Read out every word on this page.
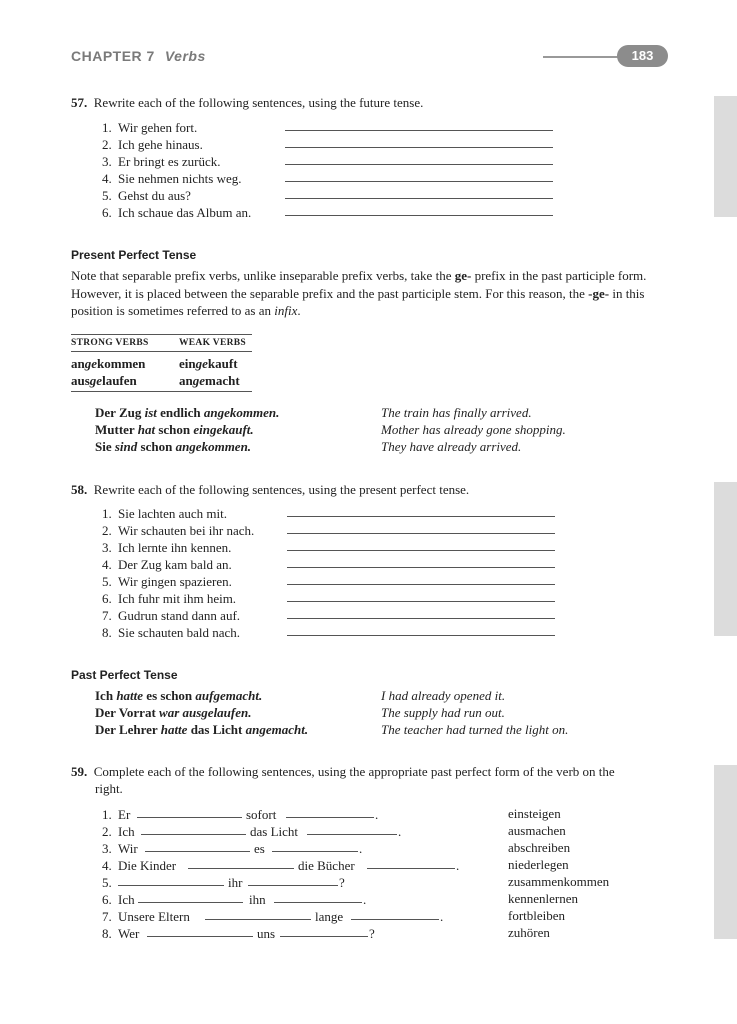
CHAPTER 7 Verbs	183
57. Rewrite each of the following sentences, using the future tense.
1. Wir gehen fort.
2. Ich gehe hinaus.
3. Er bringt es zurück.
4. Sie nehmen nichts weg.
5. Gehst du aus?
6. Ich schaue das Album an.
Present Perfect Tense
Note that separable prefix verbs, unlike inseparable prefix verbs, take the ge- prefix in the past participle form. However, it is placed between the separable prefix and the past participle stem. For this reason, the -ge- in this position is sometimes referred to as an infix.
STRONG VERBS	WEAK VERBS
angekommen	eingekauft
ausgelaufen	angemacht
Der Zug ist endlich angekommen.	The train has finally arrived.
Mutter hat schon eingekauft.	Mother has already gone shopping.
Sie sind schon angekommen.	They have already arrived.
58. Rewrite each of the following sentences, using the present perfect tense.
1. Sie lachten auch mit.
2. Wir schauten bei ihr nach.
3. Ich lernte ihn kennen.
4. Der Zug kam bald an.
5. Wir gingen spazieren.
6. Ich fuhr mit ihm heim.
7. Gudrun stand dann auf.
8. Sie schauten bald nach.
Past Perfect Tense
Ich hatte es schon aufgemacht.	I had already opened it.
Der Vorrat war ausgelaufen.	The supply had run out.
Der Lehrer hatte das Licht angemacht.	The teacher had turned the light on.
59. Complete each of the following sentences, using the appropriate past perfect form of the verb on the
right.
1. Er	sofort	.	einsteigen
2. Ich	das Licht	.	ausmachen
3. Wir	es	.	abschreiben
4. Die Kinder	die Bücher	.	niederlegen
5.	ihr	?	zusammenkommen
6. Ich	ihn	.	kennenlernen
7. Unsere Eltern	lange	.	fortbleiben
8. Wer	uns	?	zuhören
